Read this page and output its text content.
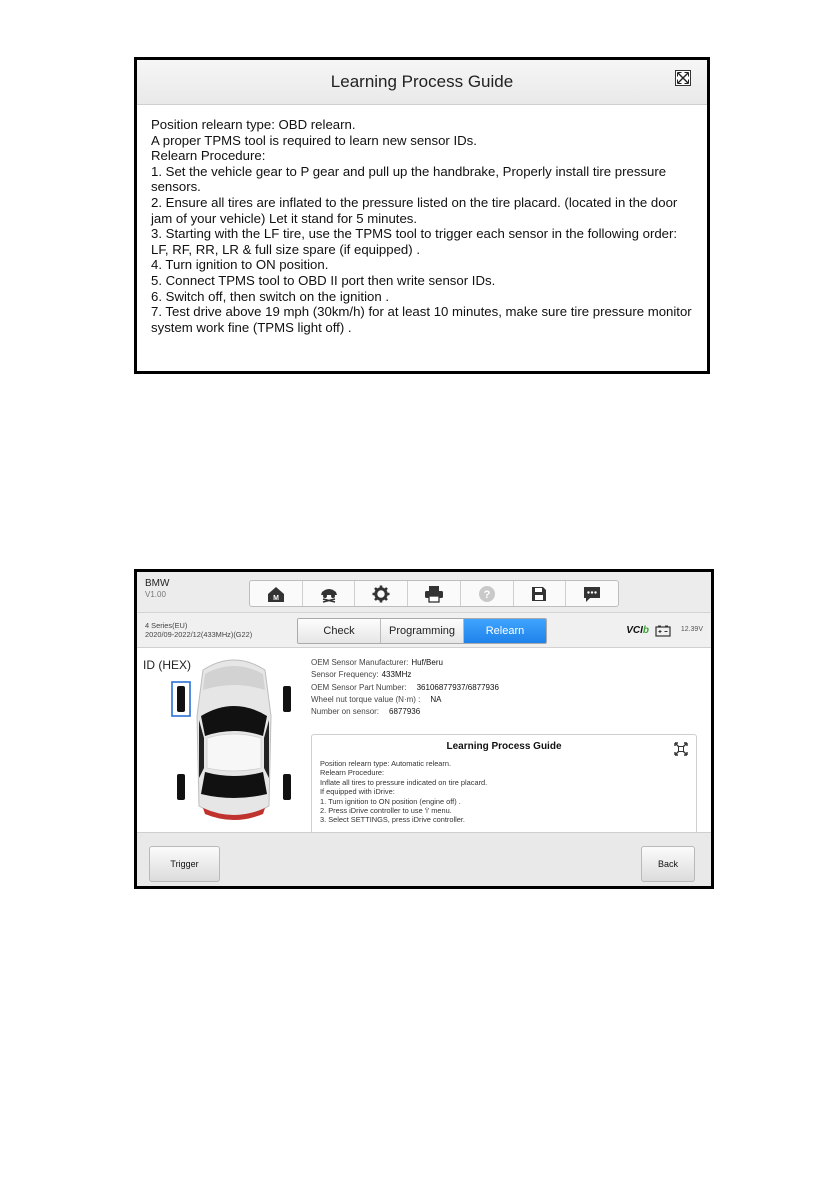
Learning Process Guide
Position relearn type: OBD relearn.
A proper TPMS tool is required to learn new sensor IDs.
Relearn Procedure:
1. Set the vehicle gear to P gear and pull up the handbrake, Properly install tire pressure sensors.
2. Ensure all tires are inflated to the pressure listed on the tire placard. (located in the door jam of your vehicle) Let it stand for 5 minutes.
3. Starting with the LF tire, use the TPMS tool to trigger each sensor in the following order: LF, RF, RR, LR & full size spare (if equipped) .
4. Turn ignition to ON position.
5. Connect TPMS tool to OBD II port then write sensor IDs.
6. Switch off, then switch on the ignition .
7. Test drive above 19 mph (30km/h) for at least 10 minutes, make sure tire pressure monitor system work fine (TPMS light off) .
BMW
V1.00	M	?
4 Series(EU)
2020/09-2022/12(433MHz)(G22)	Check	Programming	Relearn	VCIb	12.39V
ID (HEX)	OEM Sensor Manufacturer: Huf/Beru
Sensor Frequency: 433MHz
OEM Sensor Part Number: 36106877937/6877936
Wheel nut torque value (N·m) : NA
Number on sensor: 6877936
Learning Process Guide
Position relearn type: Automatic relearn.
Relearn Procedure:
Inflate all tires to pressure indicated on tire placard.
If equipped with iDrive:
1. Turn ignition to ON position (engine off) .
2. Press iDrive controller to use 'i' menu.
3. Select SETTINGS, press iDrive controller.
Trigger	Back
